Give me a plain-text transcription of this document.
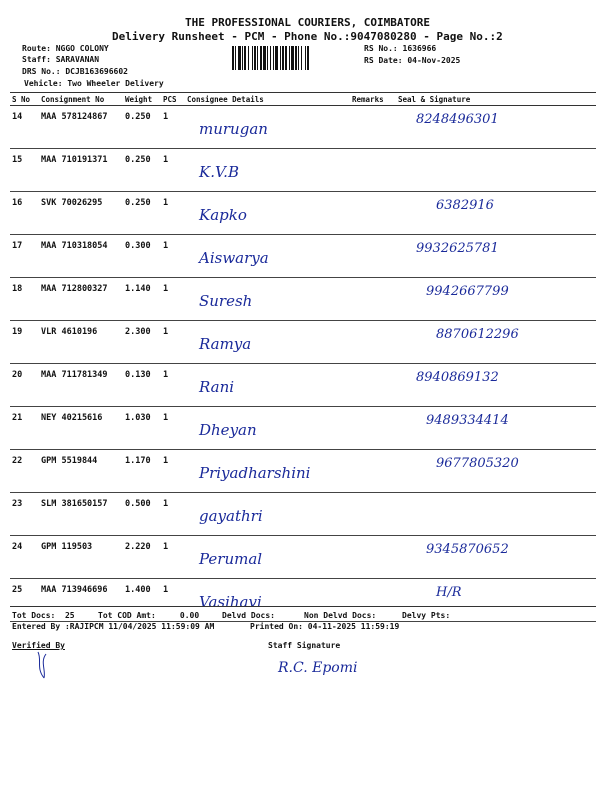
THE PROFESSIONAL COURIERS, COIMBATORE
Delivery Runsheet - PCM - Phone No.:9047080280 - Page No.:2
Route: NGGO COLONY
Staff: SARAVANAN
DRS No.: DCJB163696602
Vehicle: Two Wheeler Delivery
RS No.: 1636966
RS Date: 04-Nov-2025
S No	Consignment No	Weight	PCS	Consignee Details	Remarks	Seal & Signature
14	MAA 578124867	0.250	1	murugan		8248496301

15	MAA 710191371	0.250	1	K.V.B		

16	SVK 70026295	0.250	1	Kapko		6382916

17	MAA 710318054	0.300	1	Aiswarya		9932625781

18	MAA 712800327	1.140	1	Suresh		9942667799

19	VLR 4610196	2.300	1	Ramya		8870612296

20	MAA 711781349	0.130	1	Rani		8940869132

21	NEY 40215616	1.030	1	Dheyan		9489334414

22	GPM 5519844	1.170	1	Priyadharshini		9677805320

23	SLM 381650157	0.500	1	gayathri		

24	GPM 119503	2.220	1	Perumal		9345870652

25	MAA 713946696	1.400	1	Vasihavi		H/R
Tot Docs:  25	Tot COD Amt:     0.00	Delvd Docs:	Non Delvd Docs:	Delvy Pts:
Entered By :RAJIPCM 11/04/2025 11:59:09 AM	Printed On: 04-11-2025 11:59:19
Verified By	Staff Signature
R.C. Epomi
